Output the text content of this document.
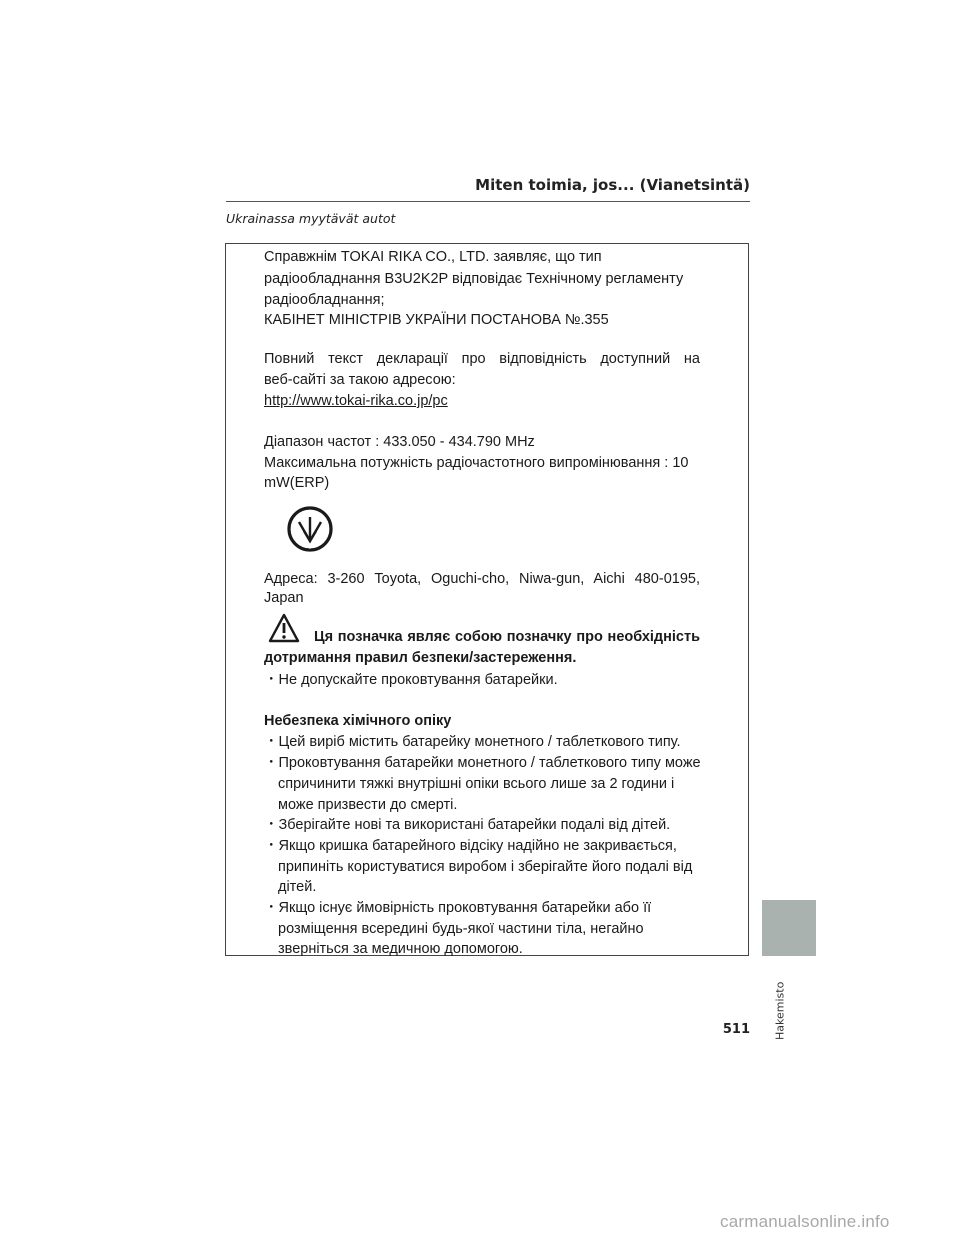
Miten toimia, jos... (Vianetsintä)
Ukrainassa myytävät autot
Справжнім TOKAI RIKA CO., LTD. заявляє, що тип
радіообладнання B3U2K2P відповідає Технічному регламенту
радіообладнання;
КАБІНЕТ МІНІСТРІВ УКРАЇНИ ПОСТАНОВА №.355
Повний текст декларації про відповідність доступний на
веб-сайті за такою адресою:
http://www.tokai-rika.co.jp/pc
Діапазон частот : 433.050 - 434.790 MHz
Максимальна потужність радіочастотного випромінювання : 10
mW(ERP)
Адреса: 3-260 Toyota, Oguchi-cho, Niwa-gun, Aichi 480-0195,
Japan
Ця позначка являє собою позначку про необхідність
дотримання правил безпеки/застереження.
・Не допускайте проковтування батарейки.
Небезпека хімічного опіку
・Цей виріб містить батарейку монетного / таблеткового типу.
・Проковтування батарейки монетного / таблеткового типу може
спричинити тяжкі внутрішні опіки всього лише за 2 години і
може призвести до смерті.
・Зберігайте нові та використані батарейки подалі від дітей.
・Якщо кришка батарейного відсіку надійно не закривається,
припиніть користуватися виробом і зберігайте його подалі від
дітей.
・Якщо існує ймовірність проковтування батарейки або її
розміщення всередині будь-якої частини тіла, негайно
зверніться за медичною допомогою.
Hakemisto
511
carmanualsonline.info
